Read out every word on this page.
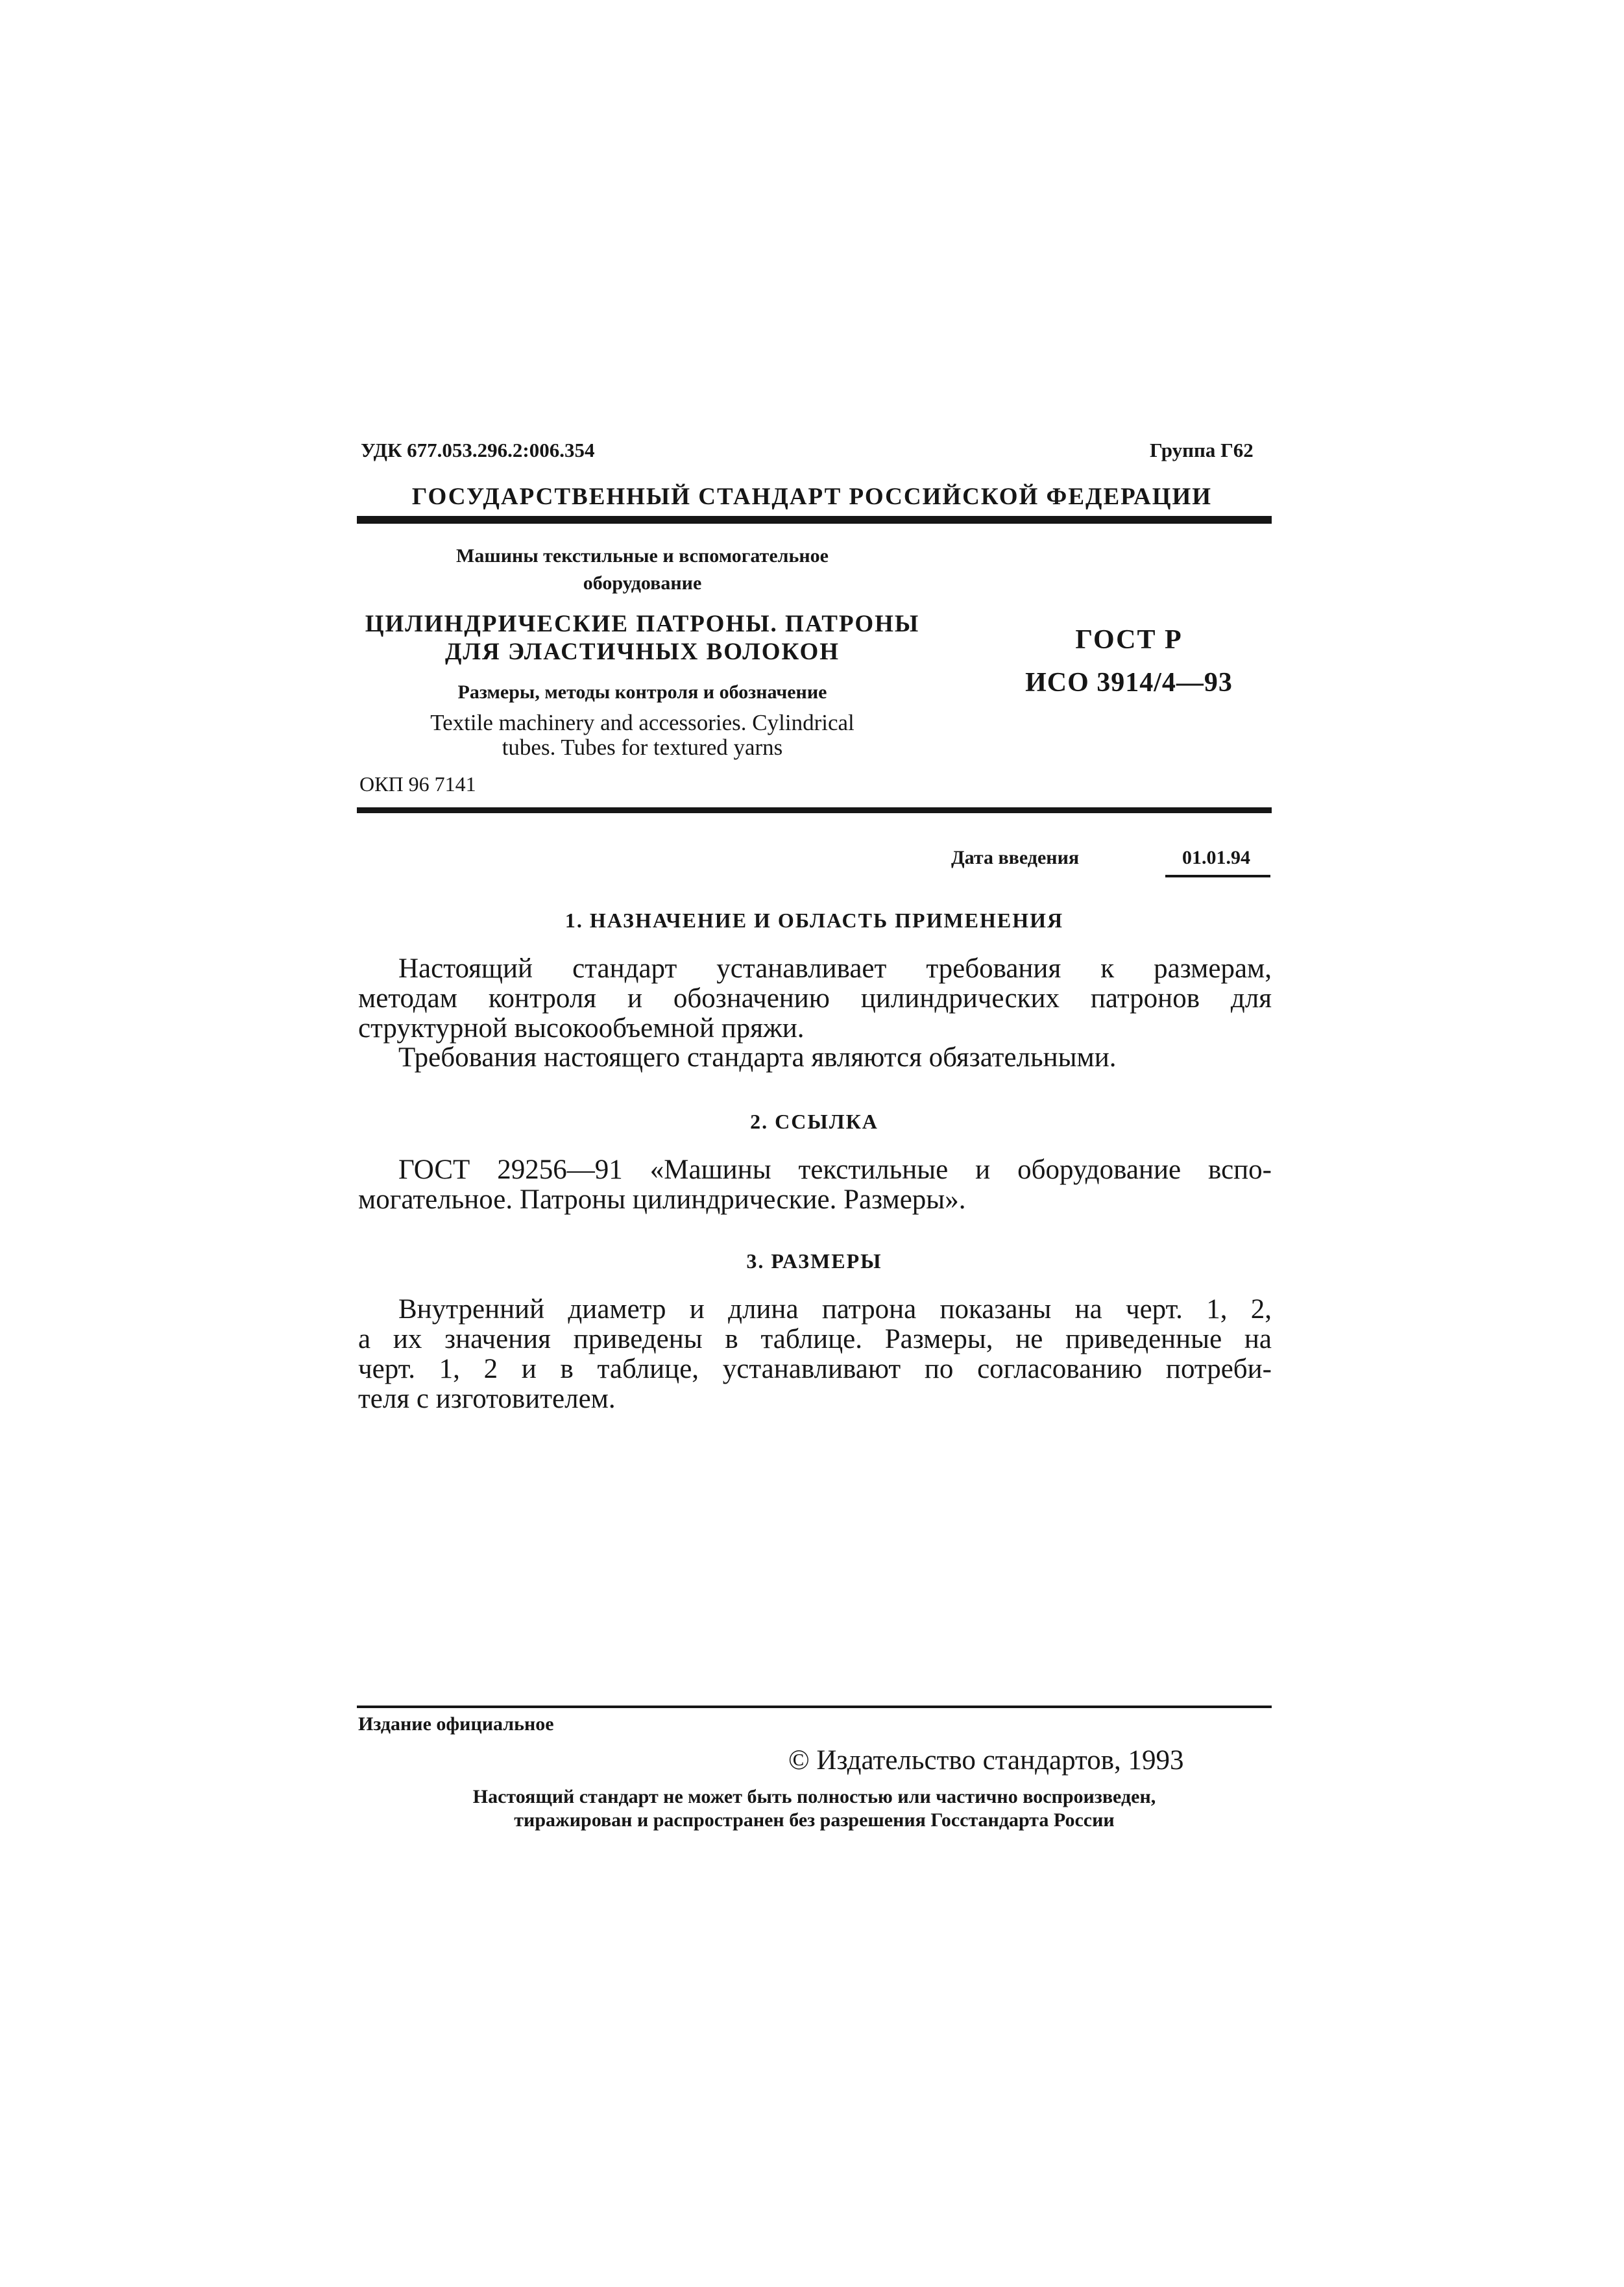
УДК 677.053.296.2:006.354	Группа Г62
ГОСУДАРСТВЕННЫЙ СТАНДАРТ РОССИЙСКОЙ ФЕДЕРАЦИИ
Машины текстильные и вспомогательное
оборудование
ЦИЛИНДРИЧЕСКИЕ ПАТРОНЫ. ПАТРОНЫ
ДЛЯ ЭЛАСТИЧНЫХ ВОЛОКОН
Размеры, методы контроля и обозначение
Textile machinery and accessories. Cylindrical
tubes. Tubes for textured yarns
ОКП 96 7141
ГОСТ Р
ИСО 3914/4—93
Дата введения	01.01.94
1. НАЗНАЧЕНИЕ И ОБЛАСТЬ ПРИМЕНЕНИЯ
Настоящий стандарт устанавливает требования к размерам,
методам контроля и обозначению цилиндрических патронов для
структурной высокообъемной пряжи.
Требования настоящего стандарта являются обязательными.
2. ССЫЛКА
ГОСТ 29256—91 «Машины текстильные и оборудование вспо-
могательное. Патроны цилиндрические. Размеры».
3. РАЗМЕРЫ
Внутренний диаметр и длина патрона показаны на черт. 1, 2,
а их значения приведены в таблице. Размеры, не приведенные на
черт. 1, 2 и в таблице, устанавливают по согласованию потреби-
теля с изготовителем.
Издание официальное
© Издательство стандартов, 1993
Настоящий стандарт не может быть полностью или частично воспроизведен,
тиражирован и распространен без разрешения Госстандарта России
